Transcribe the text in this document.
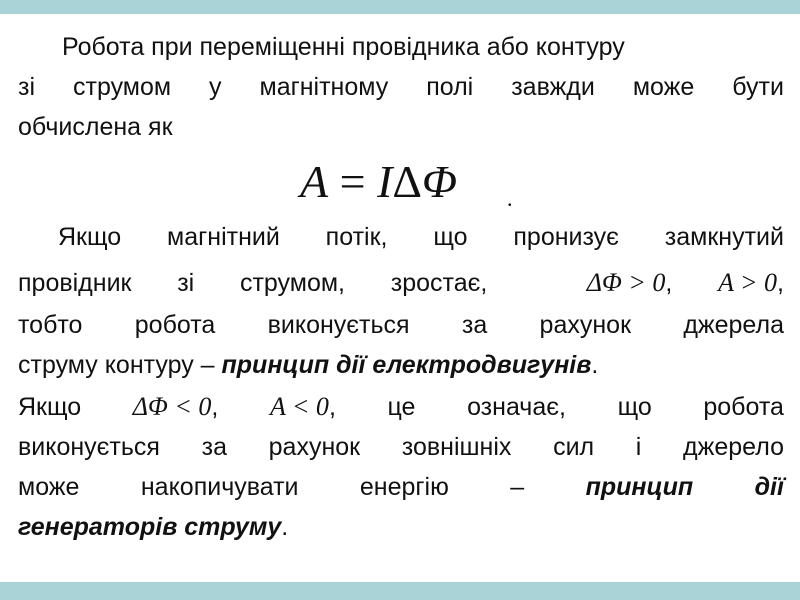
Робота при переміщенні провідника або контуру
зі струмом у магнітному полі завжди може бути
обчислена як
A = IΔΦ .
Якщо магнітний потік, що пронизує замкнутий
провідник зі струмом, зростає,	ΔΦ > 0, A > 0,
тобто робота виконується за рахунок джерела
струму контуру – принцип дії електродвигунів.
Якщо ΔΦ < 0, A < 0, це означає, що робота
виконується за рахунок зовнішніх сил і джерело
може накопичувати енергію – принцип дії
генераторів струму.
